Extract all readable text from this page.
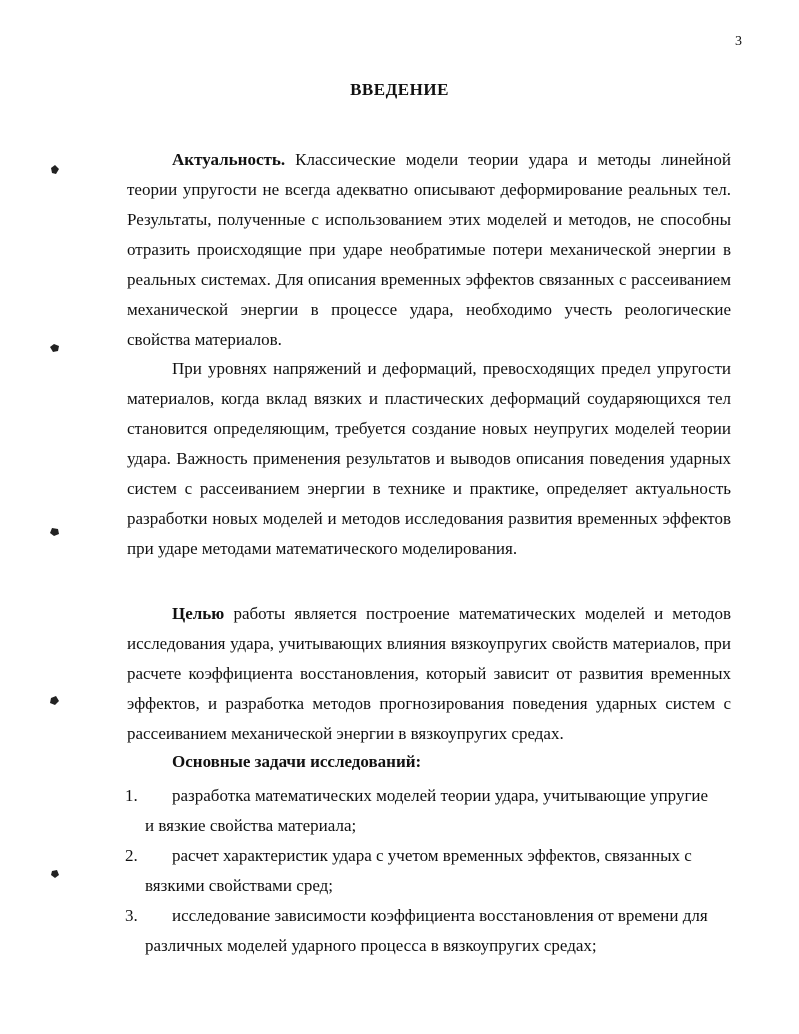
3
ВВЕДЕНИЕ

Актуальность. Классические модели теории удара и методы линейной теории упругости не всегда адекватно описывают деформирование реальных тел. Результаты, полученные с использованием этих моделей и методов, не способны отразить происходящие при ударе необратимые потери механической энергии в реальных системах. Для описания временных эффектов связанных с рассеиванием механической энергии в процессе удара, необходимо учесть реологические свойства материалов.

При уровнях напряжений и деформаций, превосходящих предел упругости материалов, когда вклад вязких и пластических деформаций соударяющихся тел становится определяющим, требуется создание новых неупругих моделей теории удара. Важность применения результатов и выводов описания поведения ударных систем с рассеиванием энергии в технике и практике, определяет актуальность разработки новых моделей и методов исследования развития временных эффектов при ударе методами математического моделирования.

Целью работы является построение математических моделей и методов исследования удара, учитывающих влияния вязкоупругих свойств материалов, при расчете коэффициента восстановления, который зависит от развития временных эффектов, и разработка методов прогнозирования поведения ударных систем с рассеиванием механической энергии в вязкоупругих средах.

Основные задачи исследований:
1.	разработка математических моделей теории удара, учитывающие упругие
и вязкие свойства материала;
2.	расчет характеристик удара с учетом временных эффектов, связанных с
вязкими свойствами сред;
3.	исследование зависимости коэффициента восстановления от времени для
различных моделей ударного процесса в вязкоупругих средах;
